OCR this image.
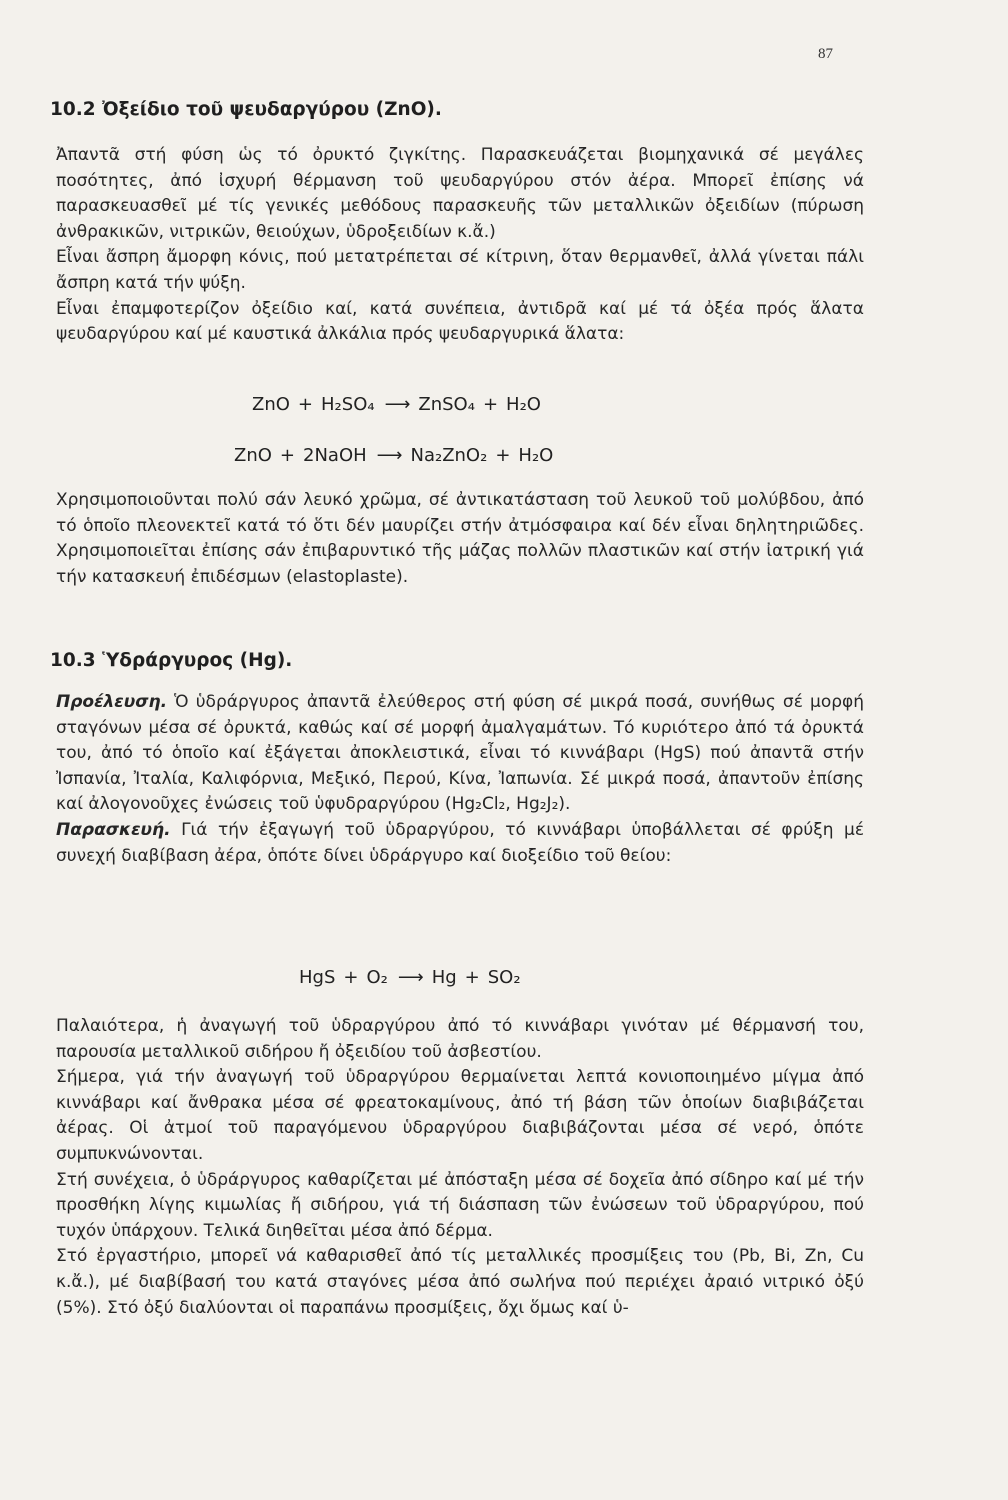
87
10.2 Ὀξείδιο τοῦ ψευδαργύρου (ZnO).

Ἀπαντᾶ στή φύση ὡς τό ὀρυκτό ζιγκίτης. Παρασκευάζεται βιομηχανικά σέ μεγάλες ποσότητες, ἀπό ἰσχυρή θέρμανση τοῦ ψευδαργύρου στόν ἀέρα. Μπορεῖ ἐπίσης νά παρασκευασθεῖ μέ τίς γενικές μεθόδους παρασκευῆς τῶν μεταλλικῶν ὀξειδίων (πύρωση ἀνθρακικῶν, νιτρικῶν, θειούχων, ὑδροξειδίων κ.ἄ.)

Εἶναι ἄσπρη ἄμορφη κόνις, πού μετατρέπεται σέ κίτρινη, ὅταν θερμανθεῖ, ἀλλά γίνεται πάλι ἄσπρη κατά τήν ψύξη.

Εἶναι ἐπαμφοτερίζον ὀξείδιο καί, κατά συνέπεια, ἀντιδρᾶ καί μέ τά ὀξέα πρός ἅλατα ψευδαργύρου καί μέ καυστικά ἀλκάλια πρός ψευδαργυρικά ἅλατα:

ZnO + H₂SO₄ ⟶ ZnSO₄ + H₂O
ZnO + 2NaOH ⟶ Na₂ZnO₂ + H₂O

Χρησιμοποιοῦνται πολύ σάν λευκό χρῶμα, σέ ἀντικατάσταση τοῦ λευκοῦ τοῦ μολύβδου, ἀπό τό ὁποῖο πλεονεκτεῖ κατά τό ὅτι δέν μαυρίζει στήν ἀτμόσφαιρα καί δέν εἶναι δηλητηριῶδες. Χρησιμοποιεῖται ἐπίσης σάν ἐπιβαρυντικό τῆς μάζας πολλῶν πλαστικῶν καί στήν ἰατρική γιά τήν κατασκευή ἐπιδέσμων (elastoplaste).

10.3 Ὑδράργυρος (Hg).

Προέλευση. Ὁ ὑδράργυρος ἀπαντᾶ ἐλεύθερος στή φύση σέ μικρά ποσά, συνήθως σέ μορφή σταγόνων μέσα σέ ὀρυκτά, καθώς καί σέ μορφή ἀμαλγαμάτων. Τό κυριότερο ἀπό τά ὀρυκτά του, ἀπό τό ὁποῖο καί ἐξάγεται ἀποκλειστικά, εἶναι τό κιννάβαρι (HgS) πού ἀπαντᾶ στήν Ἰσπανία, Ἰταλία, Καλιφόρνια, Μεξικό, Περού, Κίνα, Ἰαπωνία. Σέ μικρά ποσά, ἀπαντοῦν ἐπίσης καί ἀλογονοῦχες ἐνώσεις τοῦ ὑφυδραργύρου (Hg₂Cl₂, Hg₂J₂).

Παρασκευή. Γιά τήν ἐξαγωγή τοῦ ὑδραργύρου, τό κιννάβαρι ὑποβάλλεται σέ φρύξη μέ συνεχή διαβίβαση ἀέρα, ὁπότε δίνει ὑδράργυρο καί διοξείδιο τοῦ θείου:

HgS + O₂ ⟶ Hg + SO₂

Παλαιότερα, ἡ ἀναγωγή τοῦ ὑδραργύρου ἀπό τό κιννάβαρι γινόταν μέ θέρμανσή του, παρουσία μεταλλικοῦ σιδήρου ἤ ὀξειδίου τοῦ ἀσβεστίου.

Σήμερα, γιά τήν ἀναγωγή τοῦ ὑδραργύρου θερμαίνεται λεπτά κονιοποιημένο μίγμα ἀπό κιννάβαρι καί ἄνθρακα μέσα σέ φρεατοκαμίνους, ἀπό τή βάση τῶν ὁποίων διαβιβάζεται ἀέρας. Οἱ ἀτμοί τοῦ παραγόμενου ὑδραργύρου διαβιβάζονται μέσα σέ νερό, ὁπότε συμπυκνώνονται.

Στή συνέχεια, ὁ ὑδράργυρος καθαρίζεται μέ ἀπόσταξη μέσα σέ δοχεῖα ἀπό σίδηρο καί μέ τήν προσθήκη λίγης κιμωλίας ἤ σιδήρου, γιά τή διάσπαση τῶν ἐνώσεων τοῦ ὑδραργύρου, πού τυχόν ὑπάρχουν. Τελικά διηθεῖται μέσα ἀπό δέρμα.

Στό ἐργαστήριο, μπορεῖ νά καθαρισθεῖ ἀπό τίς μεταλλικές προσμίξεις του (Pb, Bi, Zn, Cu κ.ἄ.), μέ διαβίβασή του κατά σταγόνες μέσα ἀπό σωλήνα πού περιέχει ἀραιό νιτρικό ὀξύ (5%). Στό ὀξύ διαλύονται οἱ παραπάνω προσμίξεις, ὄχι ὅμως καί ὑ-
